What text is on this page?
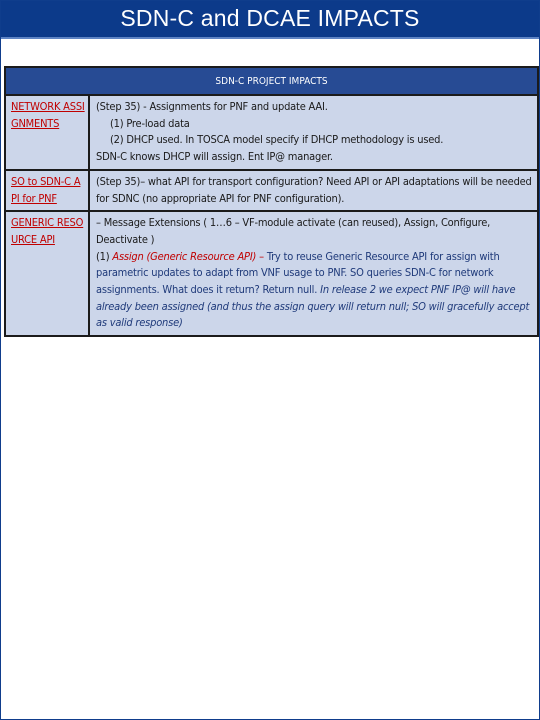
SDN-C and DCAE IMPACTS
SDN-C PROJECT IMPACTS	
NETWORK ASSIGNMENTS	(Step 35) - Assignments for PNF and update AAI.
(1) Pre-load data
(2) DHCP used. In TOSCA model specify if DHCP methodology is used.
SDN-C knows DHCP will assign. Ent IP@ manager.

SO to SDN-C API for PNF	(Step 35)– what API for transport configuration? Need API or API adaptations will be needed for SDNC (no appropriate API for PNF configuration).
GENERIC RESOURCE API	– Message Extensions ( 1…6 – VF-module activate (can reused), Assign, Configure, Deactivate )
(1) Assign (Generic Resource API) – Try to reuse Generic Resource API for assign with parametric updates to adapt from VNF usage to PNF. SO queries SDN-C for network assignments. What does it return? Return null. In release 2 we expect PNF IP@ will have already been assigned (and thus the assign query will return null; SO will gracefully accept as valid response)
